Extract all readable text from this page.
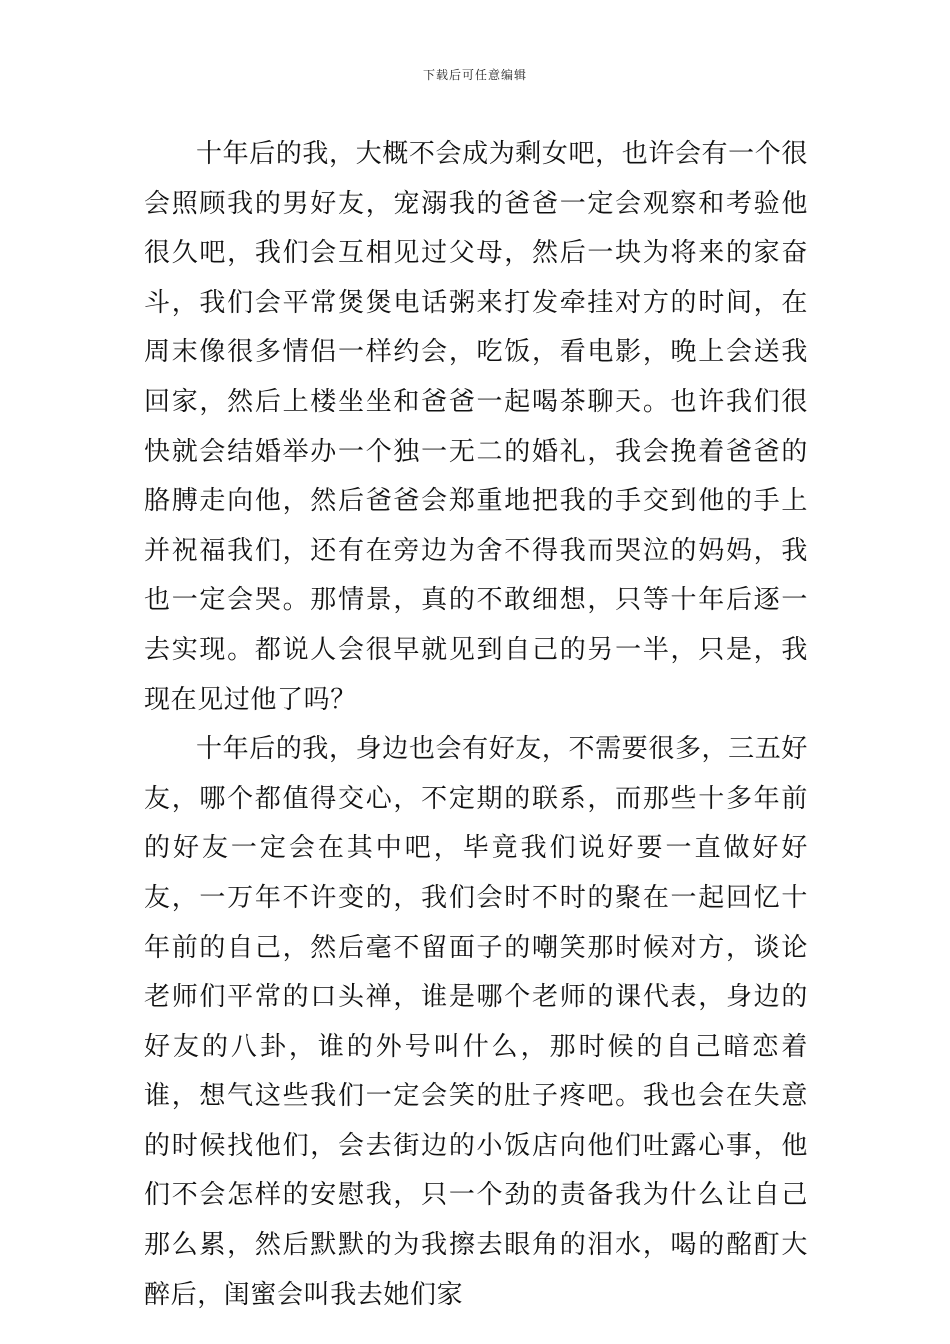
下载后可任意编辑

十年后的我，大概不会成为剩女吧，也许会有一个很会照顾我的男好友，宠溺我的爸爸一定会观察和考验他很久吧，我们会互相见过父母，然后一块为将来的家奋斗，我们会平常煲煲电话粥来打发牵挂对方的时间，在周末像很多情侣一样约会，吃饭，看电影，晚上会送我回家，然后上楼坐坐和爸爸一起喝茶聊天。也许我们很快就会结婚举办一个独一无二的婚礼，我会挽着爸爸的胳膊走向他，然后爸爸会郑重地把我的手交到他的手上并祝福我们，还有在旁边为舍不得我而哭泣的妈妈，我也一定会哭。那情景，真的不敢细想，只等十年后逐一去实现。都说人会很早就见到自己的另一半，只是，我现在见过他了吗？

十年后的我，身边也会有好友，不需要很多，三五好友，哪个都值得交心，不定期的联系，而那些十多年前的好友一定会在其中吧，毕竟我们说好要一直做好好友，一万年不许变的，我们会时不时的聚在一起回忆十年前的自己，然后毫不留面子的嘲笑那时候对方，谈论老师们平常的口头禅，谁是哪个老师的课代表，身边的好友的八卦，谁的外号叫什么，那时候的自己暗恋着谁，想气这些我们一定会笑的肚子疼吧。我也会在失意的时候找他们，会去街边的小饭店向他们吐露心事，他们不会怎样的安慰我，只一个劲的责备我为什么让自己那么累，然后默默的为我擦去眼角的泪水，喝的酩酊大醉后，闺蜜会叫我去她们家
